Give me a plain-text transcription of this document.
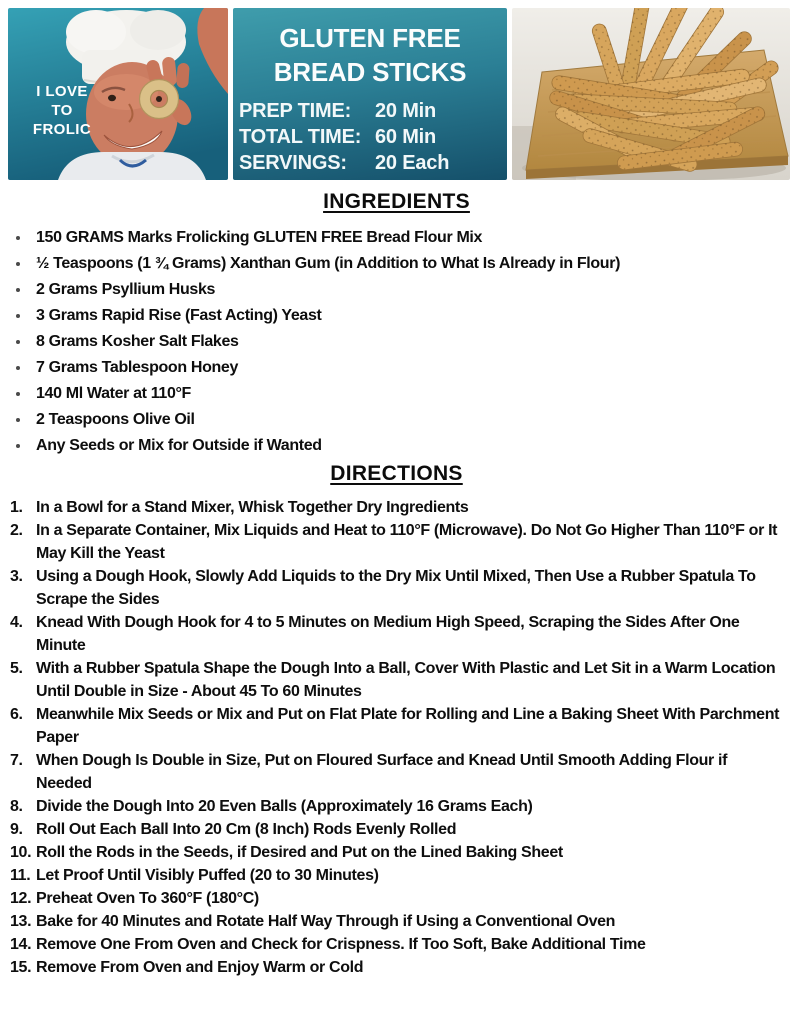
I LOVE
TO
FROLIC
GLUTEN FREE
BREAD STICKS
PREP TIME:	20 Min
TOTAL TIME: 60 Min
SERVINGS:	20 Each
INGREDIENTS
150 GRAMS Marks Frolicking GLUTEN FREE Bread Flour Mix
½ Teaspoons (1 ¾ Grams) Xanthan Gum (in Addition to What Is Already in Flour)
2 Grams Psyllium Husks
3 Grams Rapid Rise (Fast Acting) Yeast
8 Grams Kosher Salt Flakes
7 Grams Tablespoon Honey
140 Ml Water at 110°F
2 Teaspoons Olive Oil
Any Seeds or Mix for Outside if Wanted
DIRECTIONS
1. In a Bowl for a Stand Mixer, Whisk Together Dry Ingredients
2. In a Separate Container, Mix Liquids and Heat to 110°F (Microwave). Do Not Go Higher Than 110°F or It May Kill the Yeast
3. Using a Dough Hook, Slowly Add Liquids to the Dry Mix Until Mixed, Then Use a Rubber Spatula To Scrape the Sides
4. Knead With Dough Hook for 4 to 5 Minutes on Medium High Speed, Scraping the Sides After One Minute
5. With a Rubber Spatula Shape the Dough Into a Ball, Cover With Plastic and Let Sit in a Warm Location Until Double in Size - About 45 To 60 Minutes
6. Meanwhile Mix Seeds or Mix and Put on Flat Plate for Rolling and Line a Baking Sheet With Parchment Paper
7. When Dough Is Double in Size, Put on Floured Surface and Knead Until Smooth Adding Flour if Needed
8. Divide the Dough Into 20 Even Balls (Approximately 16 Grams Each)
9. Roll Out Each Ball Into 20 Cm (8 Inch) Rods Evenly Rolled
10. Roll the Rods in the Seeds, if Desired and Put on the Lined Baking Sheet
11. Let Proof Until Visibly Puffed (20 to 30 Minutes)
12. Preheat Oven To 360°F (180°C)
13. Bake for 40 Minutes and Rotate Half Way Through if Using a Conventional Oven
14. Remove One From Oven and Check for Crispness. If Too Soft, Bake Additional Time
15. Remove From Oven and Enjoy Warm or Cold
